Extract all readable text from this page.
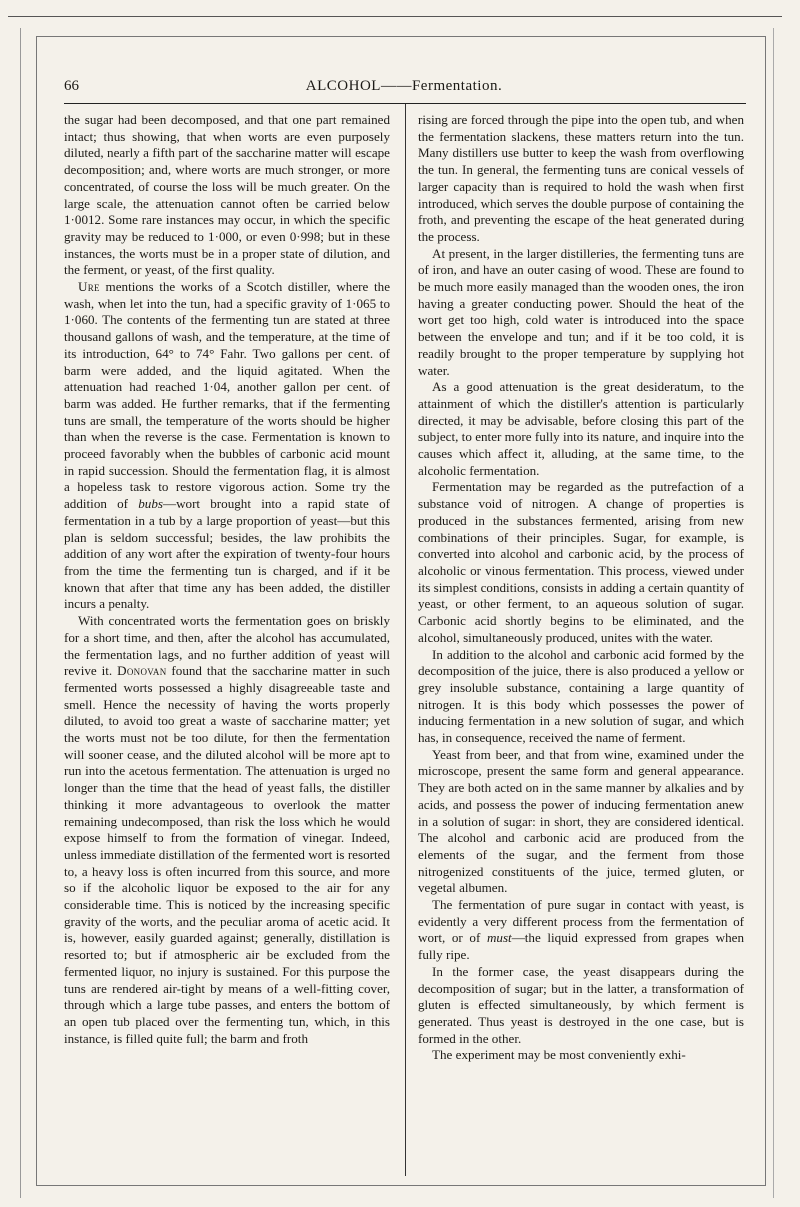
66	ALCOHOL——Fermentation.

the sugar had been decomposed, and that one part remained intact; thus showing, that when worts are even purposely diluted, nearly a fifth part of the saccharine matter will escape decomposition; and, where worts are much stronger, or more concentrated, of course the loss will be much greater. On the large scale, the attenuation cannot often be carried below 1·0012. Some rare instances may occur, in which the specific gravity may be reduced to 1·000, or even 0·998; but in these instances, the worts must be in a proper state of dilution, and the ferment, or yeast, of the first quality.

Ure mentions the works of a Scotch distiller, where the wash, when let into the tun, had a specific gravity of 1·065 to 1·060. The contents of the fermenting tun are stated at three thousand gallons of wash, and the temperature, at the time of its introduction, 64° to 74° Fahr. Two gallons per cent. of barm were added, and the liquid agitated. When the attenuation had reached 1·04, another gallon per cent. of barm was added. He further remarks, that if the fermenting tuns are small, the temperature of the worts should be higher than when the reverse is the case. Fermentation is known to proceed favorably when the bubbles of carbonic acid mount in rapid succession. Should the fermentation flag, it is almost a hopeless task to restore vigorous action. Some try the addition of bubs—wort brought into a rapid state of fermentation in a tub by a large proportion of yeast—but this plan is seldom successful; besides, the law prohibits the addition of any wort after the expiration of twenty-four hours from the time the fermenting tun is charged, and if it be known that after that time any has been added, the distiller incurs a penalty.

With concentrated worts the fermentation goes on briskly for a short time, and then, after the alcohol has accumulated, the fermentation lags, and no further addition of yeast will revive it. Donovan found that the saccharine matter in such fermented worts possessed a highly disagreeable taste and smell. Hence the necessity of having the worts properly diluted, to avoid too great a waste of saccharine matter; yet the worts must not be too dilute, for then the fermentation will sooner cease, and the diluted alcohol will be more apt to run into the acetous fermentation. The attenuation is urged no longer than the time that the head of yeast falls, the distiller thinking it more advantageous to overlook the matter remaining undecomposed, than risk the loss which he would expose himself to from the formation of vinegar. Indeed, unless immediate distillation of the fermented wort is resorted to, a heavy loss is often incurred from this source, and more so if the alcoholic liquor be exposed to the air for any considerable time. This is noticed by the increasing specific gravity of the worts, and the peculiar aroma of acetic acid. It is, however, easily guarded against; generally, distillation is resorted to; but if atmospheric air be excluded from the fermented liquor, no injury is sustained. For this purpose the tuns are rendered air-tight by means of a well-fitting cover, through which a large tube passes, and enters the bottom of an open tub placed over the fermenting tun, which, in this instance, is filled quite full; the barm and froth

rising are forced through the pipe into the open tub, and when the fermentation slackens, these matters return into the tun. Many distillers use butter to keep the wash from overflowing the tun. In general, the fermenting tuns are conical vessels of larger capacity than is required to hold the wash when first introduced, which serves the double purpose of containing the froth, and preventing the escape of the heat generated during the process.

At present, in the larger distilleries, the fermenting tuns are of iron, and have an outer casing of wood. These are found to be much more easily managed than the wooden ones, the iron having a greater conducting power. Should the heat of the wort get too high, cold water is introduced into the space between the envelope and tun; and if it be too cold, it is readily brought to the proper temperature by supplying hot water.

As a good attenuation is the great desideratum, to the attainment of which the distiller's attention is particularly directed, it may be advisable, before closing this part of the subject, to enter more fully into its nature, and inquire into the causes which affect it, alluding, at the same time, to the alcoholic fermentation.

Fermentation may be regarded as the putrefaction of a substance void of nitrogen. A change of properties is produced in the substances fermented, arising from new combinations of their principles. Sugar, for example, is converted into alcohol and carbonic acid, by the process of alcoholic or vinous fermentation. This process, viewed under its simplest conditions, consists in adding a certain quantity of yeast, or other ferment, to an aqueous solution of sugar. Carbonic acid shortly begins to be eliminated, and the alcohol, simultaneously produced, unites with the water.

In addition to the alcohol and carbonic acid formed by the decomposition of the juice, there is also produced a yellow or grey insoluble substance, containing a large quantity of nitrogen. It is this body which possesses the power of inducing fermentation in a new solution of sugar, and which has, in consequence, received the name of ferment.

Yeast from beer, and that from wine, examined under the microscope, present the same form and general appearance. They are both acted on in the same manner by alkalies and by acids, and possess the power of inducing fermentation anew in a solution of sugar: in short, they are considered identical. The alcohol and carbonic acid are produced from the elements of the sugar, and the ferment from those nitrogenized constituents of the juice, termed gluten, or vegetal albumen.

The fermentation of pure sugar in contact with yeast, is evidently a very different process from the fermentation of wort, or of must—the liquid expressed from grapes when fully ripe.

In the former case, the yeast disappears during the decomposition of sugar; but in the latter, a transformation of gluten is effected simultaneously, by which ferment is generated. Thus yeast is destroyed in the one case, but is formed in the other.

The experiment may be most conveniently exhi-
